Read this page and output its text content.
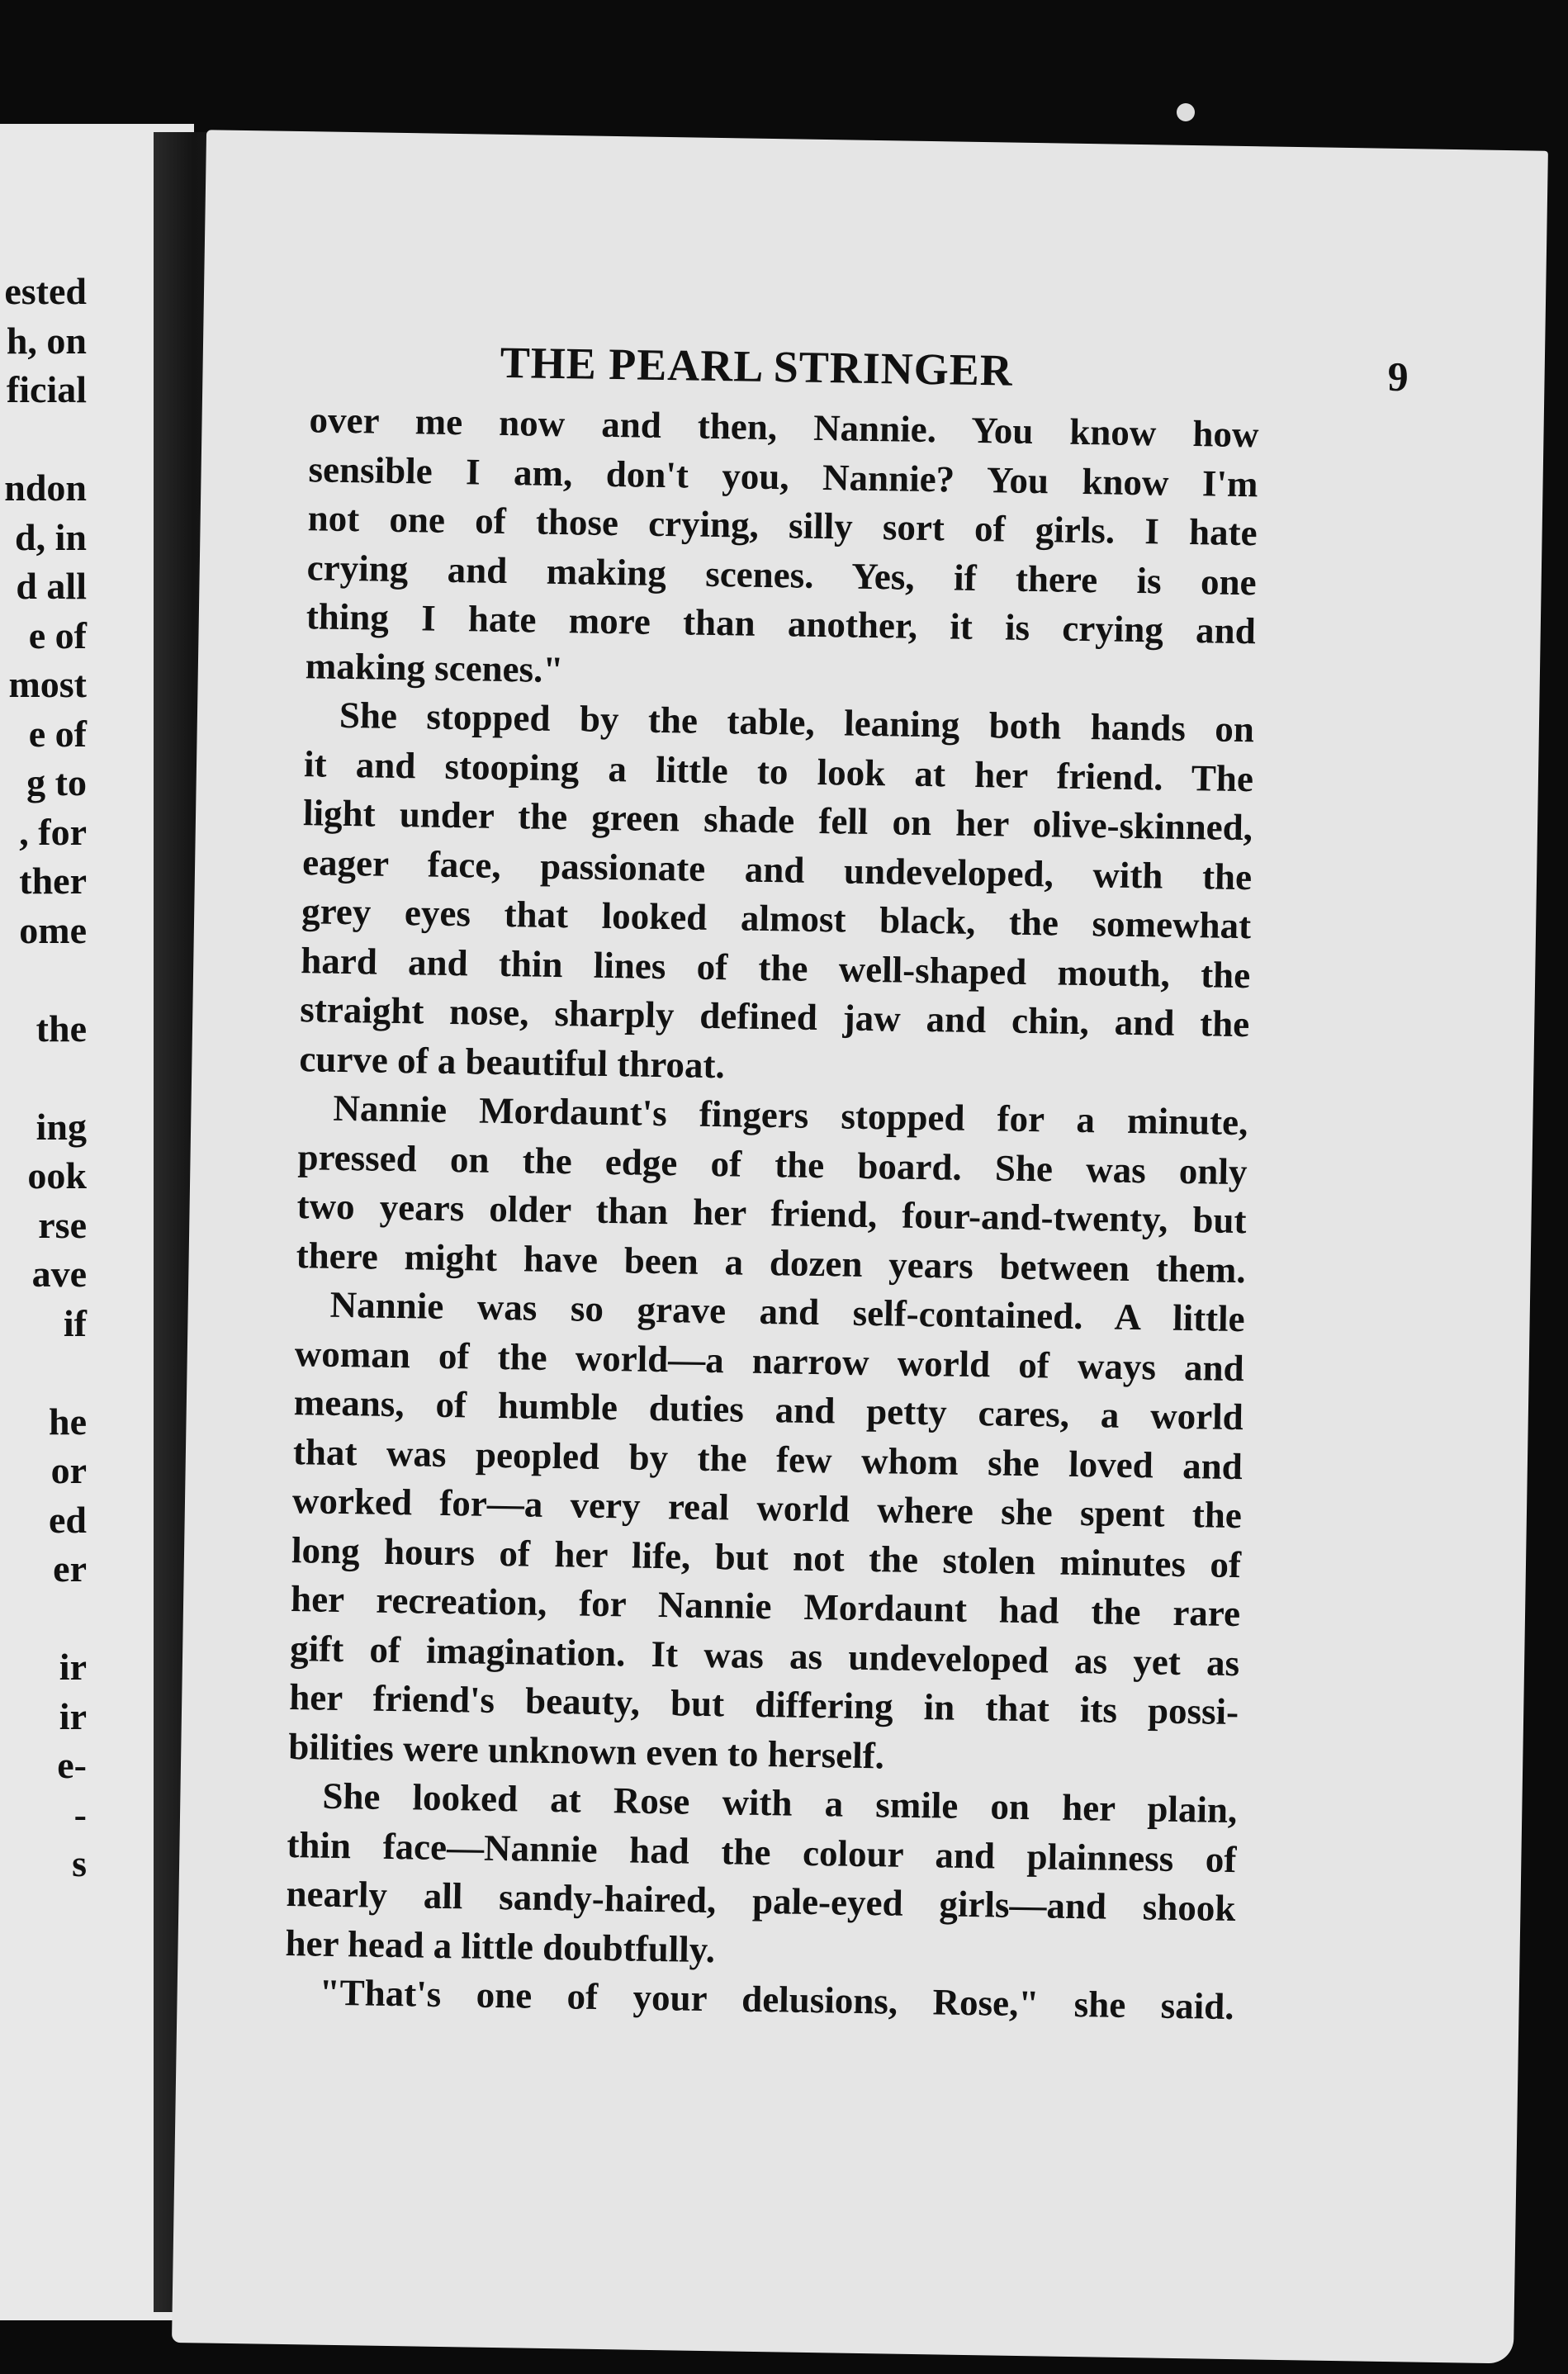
ested
h, on
ficial
ndon
d, in
d all
e of
most
e of
g to
, for
ther
ome
the
ing
ook
rse
ave
if
he
or
ed
er
ir
ir
e-
-
s
THE PEARL STRINGER	9
over me now and then, Nannie. You know how
sensible I am, don't you, Nannie? You know I'm
not one of those crying, silly sort of girls. I hate
crying and making scenes. Yes, if there is one
thing I hate more than another, it is crying and
making scenes."
She stopped by the table, leaning both hands on
it and stooping a little to look at her friend. The
light under the green shade fell on her olive-skinned,
eager face, passionate and undeveloped, with the
grey eyes that looked almost black, the somewhat
hard and thin lines of the well-shaped mouth, the
straight nose, sharply defined jaw and chin, and the
curve of a beautiful throat.
Nannie Mordaunt's fingers stopped for a minute,
pressed on the edge of the board. She was only
two years older than her friend, four-and-twenty, but
there might have been a dozen years between them.
Nannie was so grave and self-contained. A little
woman of the world—a narrow world of ways and
means, of humble duties and petty cares, a world
that was peopled by the few whom she loved and
worked for—a very real world where she spent the
long hours of her life, but not the stolen minutes of
her recreation, for Nannie Mordaunt had the rare
gift of imagination. It was as undeveloped as yet as
her friend's beauty, but differing in that its possi-
bilities were unknown even to herself.
She looked at Rose with a smile on her plain,
thin face—Nannie had the colour and plainness of
nearly all sandy-haired, pale-eyed girls—and shook
her head a little doubtfully.
"That's one of your delusions, Rose," she said.
